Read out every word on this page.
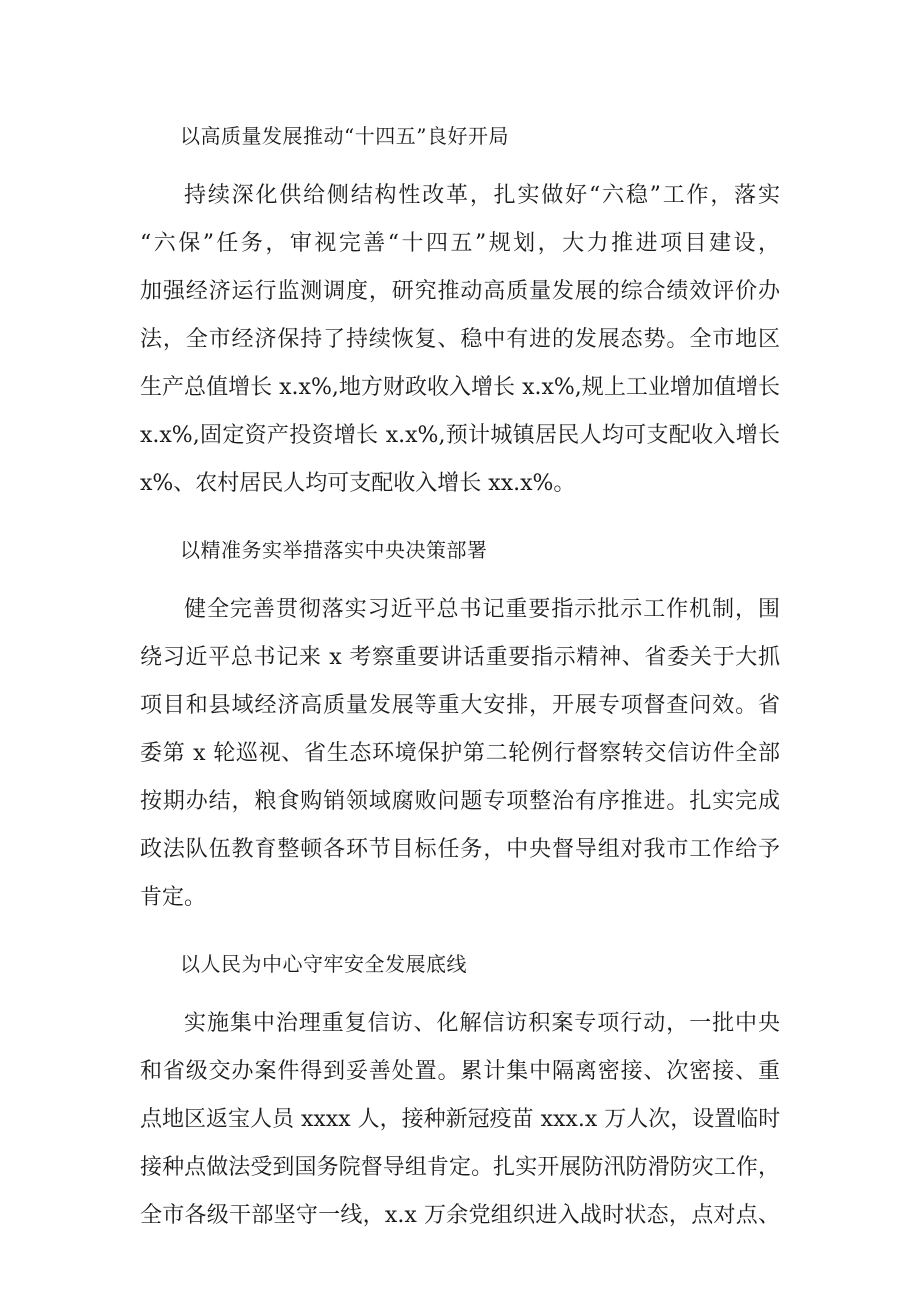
以高质量发展推动“十四五”良好开局
持续深化供给侧结构性改革，扎实做好“六稳”工作，落实
“六保”任务，审视完善“十四五”规划，大力推进项目建设，
加强经济运行监测调度，研究推动高质量发展的综合绩效评价办
法，全市经济保持了持续恢复、稳中有进的发展态势。全市地区
生产总值增长 x.x%,地方财政收入增长 x.x%,规上工业增加值增长
x.x%,固定资产投资增长 x.x%,预计城镇居民人均可支配收入增长
x%、农村居民人均可支配收入增长 xx.x%。
以精准务实举措落实中央决策部署
健全完善贯彻落实习近平总书记重要指示批示工作机制，围
绕习近平总书记来 x 考察重要讲话重要指示精神、省委关于大抓
项目和县域经济高质量发展等重大安排，开展专项督查问效。省
委第 x 轮巡视、省生态环境保护第二轮例行督察转交信访件全部
按期办结，粮食购销领域腐败问题专项整治有序推进。扎实完成
政法队伍教育整顿各环节目标任务，中央督导组对我市工作给予
肯定。
以人民为中心守牢安全发展底线
实施集中治理重复信访、化解信访积案专项行动，一批中央
和省级交办案件得到妥善处置。累计集中隔离密接、次密接、重
点地区返宝人员 xxxx 人，接种新冠疫苗 xxx.x 万人次，设置临时
接种点做法受到国务院督导组肯定。扎实开展防汛防滑防灾工作，
全市各级干部坚守一线，x.x 万余党组织进入战时状态，点对点、
